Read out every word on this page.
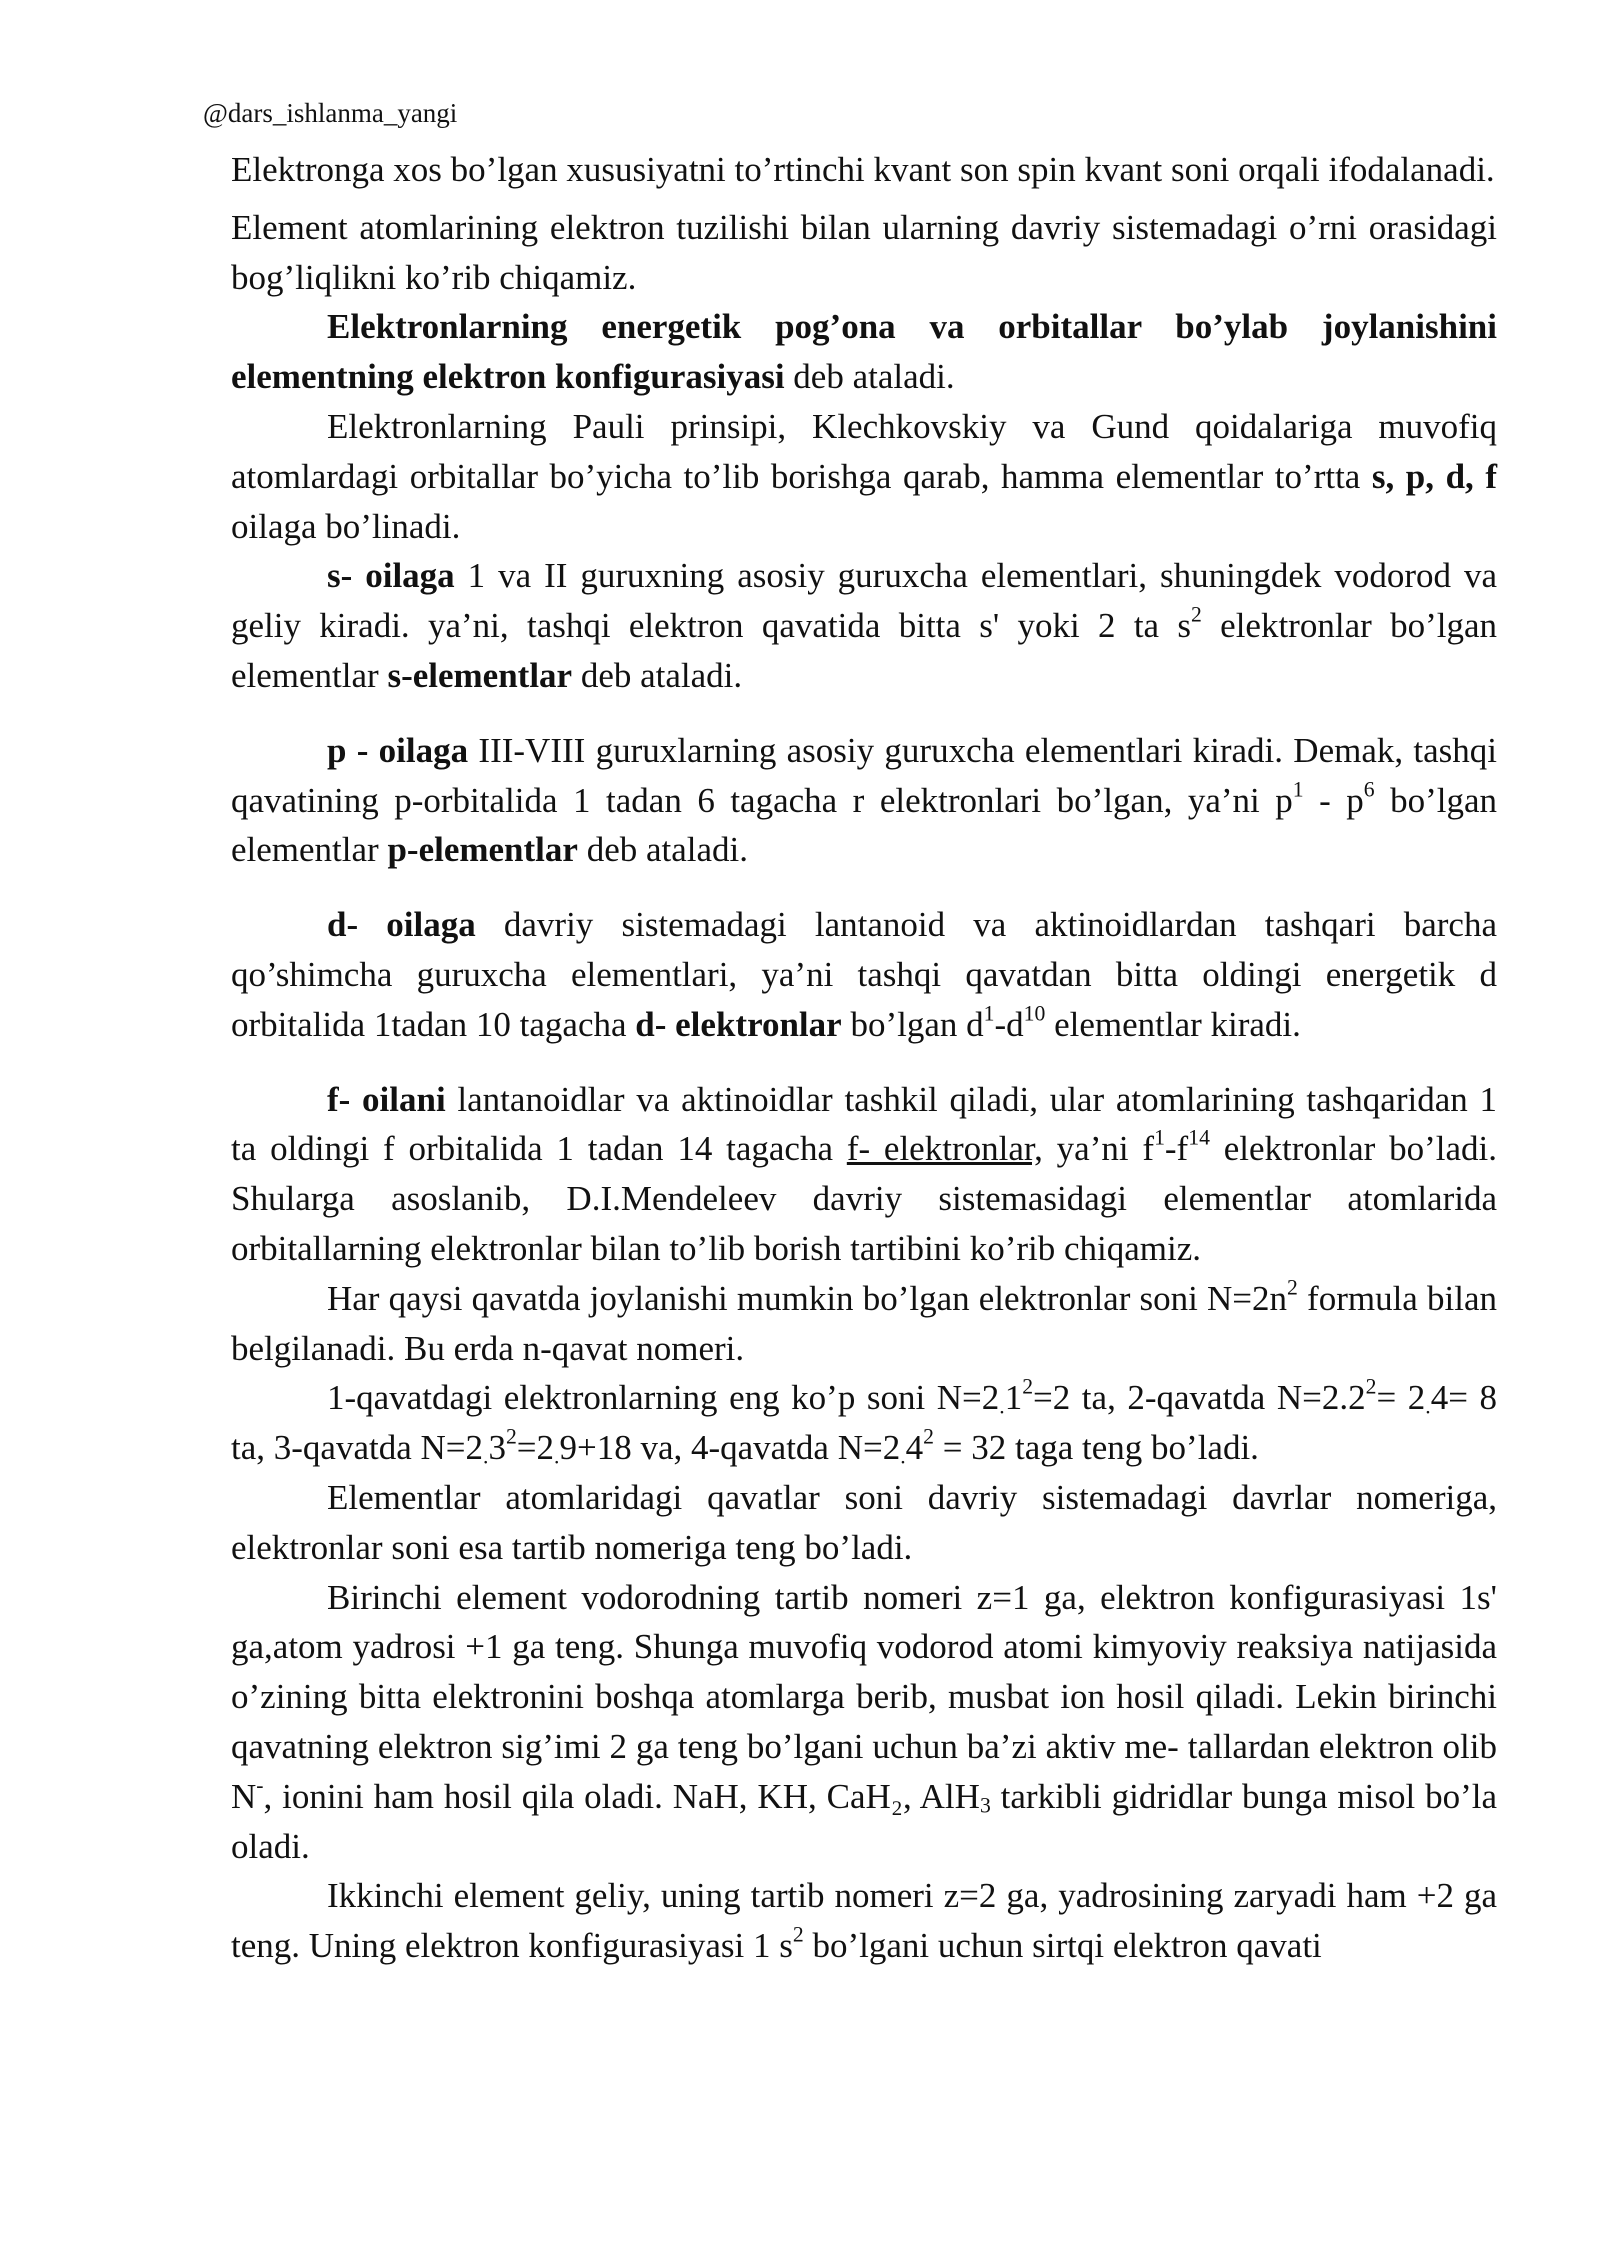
@dars_ishlanma_yangi

Elektronga xos bo’lgan xususiyatni to’rtinchi kvant son spin kvant soni orqali ifodalanadi.

Element atomlarining elektron tuzilishi bilan ularning davriy sistemadagi o’rni orasidagi bog’liqlikni ko’rib chiqamiz.

Elektronlarning energetik pog’ona va orbitallar bo’ylab joylanishini elementning elektron konfigurasiyasi deb ataladi.

Elektronlarning Pauli prinsipi, Klechkovskiy va Gund qoidalariga muvofiq atomlardagi orbitallar bo’yicha to’lib borishga qarab, hamma elementlar to’rtta s, p, d, f oilaga bo’linadi.

s- oilaga 1 va II guruxning asosiy guruxcha elementlari, shuningdek vodorod va geliy kiradi. ya’ni, tashqi elektron qavatida bitta s' yoki 2 ta $s^2$ elektronlar bo’lgan elementlar s-elementlar deb ataladi.

p - oilaga III-VIII guruxlarning asosiy guruxcha elementlari kiradi. Demak, tashqi qavatining p-orbitalida 1 tadan 6 tagacha r elektronlari bo’lgan, ya’ni $p^1 - p^6$ bo’lgan elementlar p-elementlar deb ataladi.

d- oilaga davriy sistemadagi lantanoid va aktinoidlardan tashqari barcha qo’shimcha guruxcha elementlari, ya’ni tashqi qavatdan bitta oldingi energetik d orbitalida 1tadan 10 tagacha d- elektronlar bo’lgan $d^1-d^{10}$ elementlar kiradi.

f- oilani lantanoidlar va aktinoidlar tashkil qiladi, ular atomlarining tashqaridan 1 ta oldingi f orbitalida 1 tadan 14 tagacha f- elektronlar, ya’ni $f^1-f^{14}$ elektronlar bo’ladi. Shularga asoslanib, D.I.Mendeleev davriy sistemasidagi elementlar atomlarida orbitallarning elektronlar bilan to’lib borish tartibini ko’rib chiqamiz.

Har qaysi qavatda joylanishi mumkin bo’lgan elektronlar soni $N=2n^2$ formula bilan belgilanadi. Bu erda n-qavat nomeri.

1-qavatdagi elektronlarning eng ko’p soni $N=2_.1^2=2$ ta, 2-qavatda $N=2.2^2= 2_.4= 8$ ta, 3-qavatda $N=2_.3^2=2_.9+18$ va, 4-qavatda $N=2_.4^2 = 32$ taga teng bo’ladi.

Elementlar atomlaridagi qavatlar soni davriy sistemadagi davrlar nomeriga, elektronlar soni esa tartib nomeriga teng bo’ladi.

Birinchi element vodorodning tartib nomeri z=1 ga, elektron konfigurasiyasi 1s' ga,atom yadrosi +1 ga teng. Shunga muvofiq vodorod atomi kimyoviy reaksiya natijasida o’zining bitta elektronini boshqa atomlarga berib, musbat ion hosil qiladi. Lekin birinchi qavatning elektron sig’imi 2 ga teng bo’lgani uchun ba’zi aktiv me- tallardan elektron olib N-, ionini ham hosil qila oladi. NaH, KH, CaH₂, AlH$_3$ tarkibli gidridlar bunga misol bo’la oladi.

Ikkinchi element geliy, uning tartib nomeri z=2 ga, yadrosining zaryadi ham +2 ga teng. Uning elektron konfigurasiyasi 1 $s^2$ bo’lgani uchun sirtqi elektron qavati
